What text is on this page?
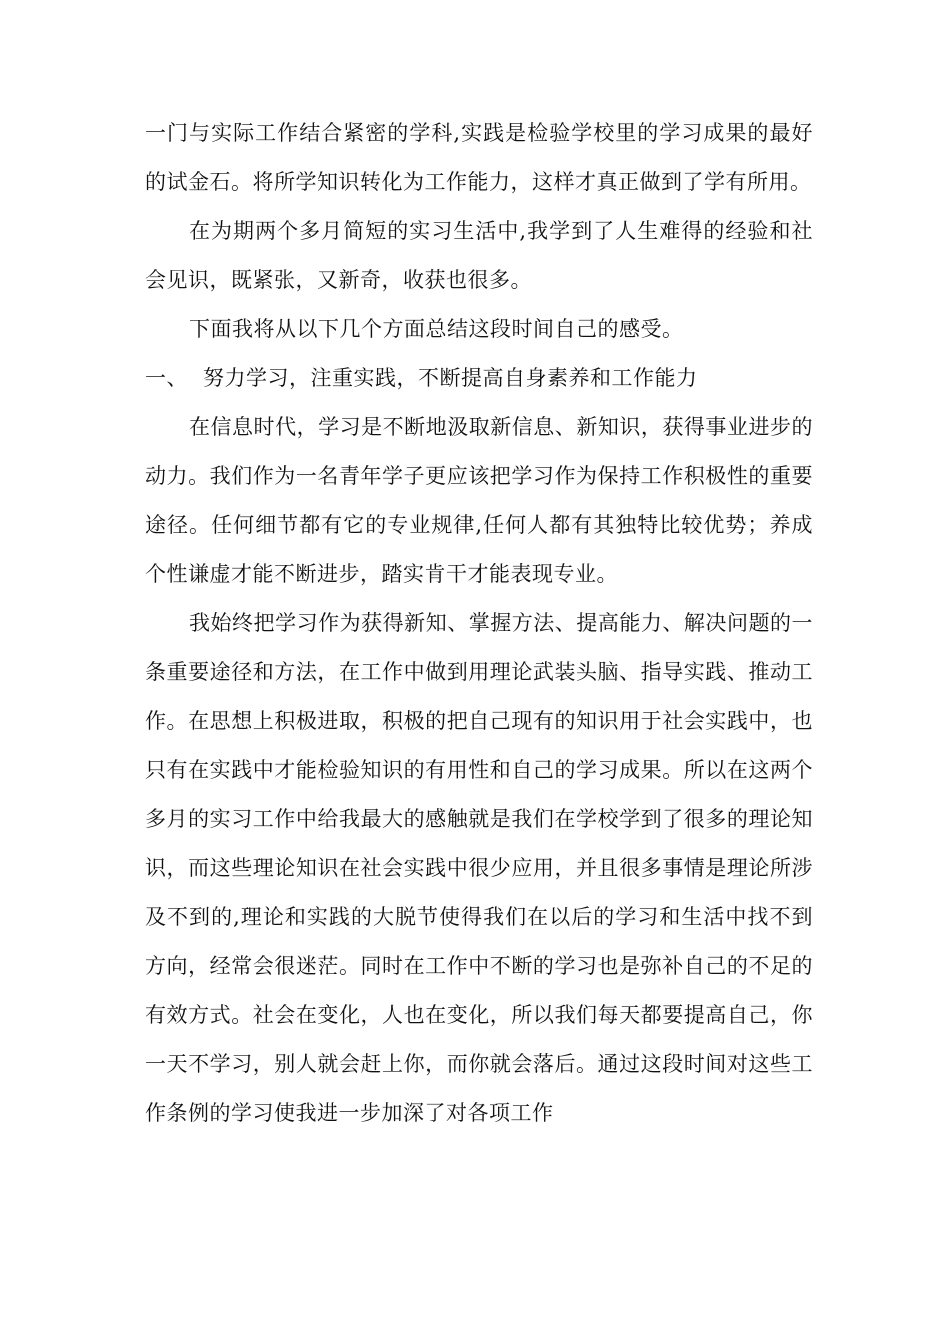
一门与实际工作结合紧密的学科,实践是检验学校里的学习成果的最好的试金石。将所学知识转化为工作能力，这样才真正做到了学有所用。

在为期两个多月简短的实习生活中,我学到了人生难得的经验和社会见识，既紧张，又新奇，收获也很多。

下面我将从以下几个方面总结这段时间自己的感受。

一、 努力学习，注重实践，不断提高自身素养和工作能力

在信息时代，学习是不断地汲取新信息、新知识，获得事业进步的动力。我们作为一名青年学子更应该把学习作为保持工作积极性的重要途径。任何细节都有它的专业规律,任何人都有其独特比较优势；养成个性谦虚才能不断进步，踏实肯干才能表现专业。

我始终把学习作为获得新知、掌握方法、提高能力、解决问题的一条重要途径和方法，在工作中做到用理论武装头脑、指导实践、推动工作。在思想上积极进取，积极的把自己现有的知识用于社会实践中，也只有在实践中才能检验知识的有用性和自己的学习成果。所以在这两个多月的实习工作中给我最大的感触就是我们在学校学到了很多的理论知识，而这些理论知识在社会实践中很少应用，并且很多事情是理论所涉及不到的,理论和实践的大脱节使得我们在以后的学习和生活中找不到方向，经常会很迷茫。同时在工作中不断的学习也是弥补自己的不足的有效方式。社会在变化，人也在变化，所以我们每天都要提高自己，你一天不学习，别人就会赶上你，而你就会落后。通过这段时间对这些工作条例的学习使我进一步加深了对各项工作
